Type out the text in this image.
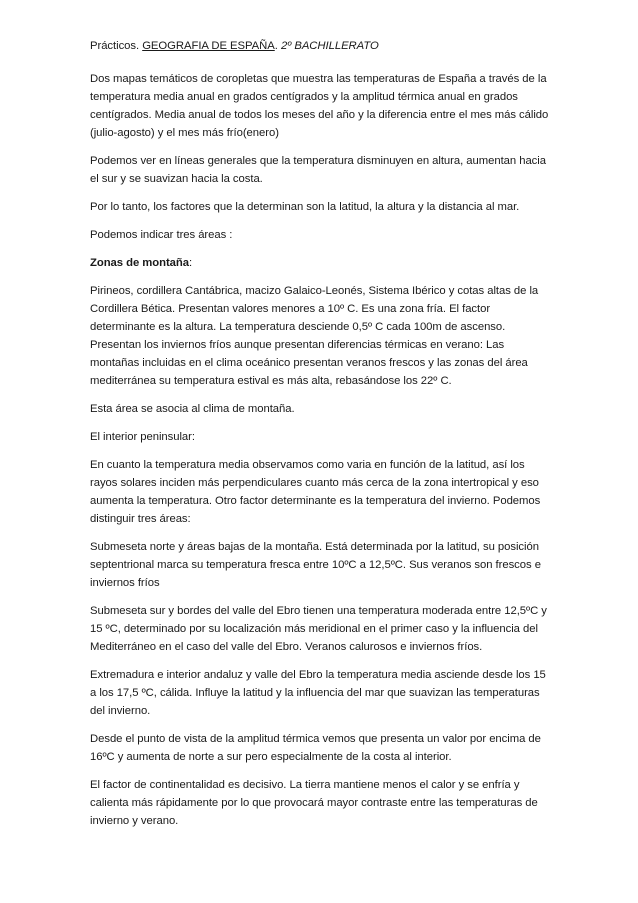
Prácticos. GEOGRAFIA DE ESPAÑA. 2º BACHILLERATO

Dos mapas temáticos de coropletas que muestra las temperaturas de España a través de la temperatura media anual en grados centígrados y la amplitud térmica anual en grados centígrados. Media anual de todos los meses del año y la diferencia entre el mes más cálido (julio-agosto) y el mes más frío(enero)

Podemos ver en líneas generales que la temperatura disminuyen en altura, aumentan hacia el sur y se suavizan hacia la costa.

Por lo tanto, los factores que la determinan son la latitud, la altura y la distancia al mar.

Podemos indicar tres áreas :

Zonas de montaña:

Pirineos, cordillera Cantábrica, macizo Galaico-Leonés, Sistema Ibérico y cotas altas de la Cordillera Bética. Presentan valores menores a 10º C. Es una zona fría. El factor determinante es la altura. La temperatura desciende 0,5º C cada 100m de ascenso. Presentan los inviernos fríos aunque presentan diferencias térmicas en verano: Las montañas incluidas en el clima oceánico presentan veranos frescos y las zonas del área mediterránea su temperatura estival es más alta, rebasándose los 22º C.

Esta área se asocia al clima de montaña.

El interior peninsular:

En cuanto la temperatura media observamos como varia en función de la latitud, así los rayos solares inciden más perpendiculares cuanto más cerca de la zona intertropical y eso aumenta la temperatura. Otro factor determinante es la temperatura del invierno. Podemos distinguir tres áreas:

Submeseta norte y áreas bajas de la montaña. Está determinada por la latitud, su posición septentrional marca su temperatura fresca entre 10ºC a 12,5ºC. Sus veranos son frescos e inviernos fríos

Submeseta sur y bordes del valle del Ebro tienen una temperatura moderada entre 12,5ºC y 15 ºC, determinado por su localización más meridional en el primer caso y la influencia del Mediterráneo en el caso del valle del Ebro. Veranos calurosos e inviernos fríos.

Extremadura e interior andaluz y valle del Ebro la temperatura media asciende desde los 15 a los 17,5 ºC, cálida. Influye la latitud y la influencia del mar que suavizan las temperaturas del invierno.

Desde el punto de vista de la amplitud térmica vemos que presenta un valor por encima de 16ºC y aumenta de norte a sur pero especialmente de la costa al interior.

El factor de continentalidad es decisivo. La tierra mantiene menos el calor y se enfría y calienta más rápidamente por lo que provocará mayor contraste entre las temperaturas de invierno y verano.
